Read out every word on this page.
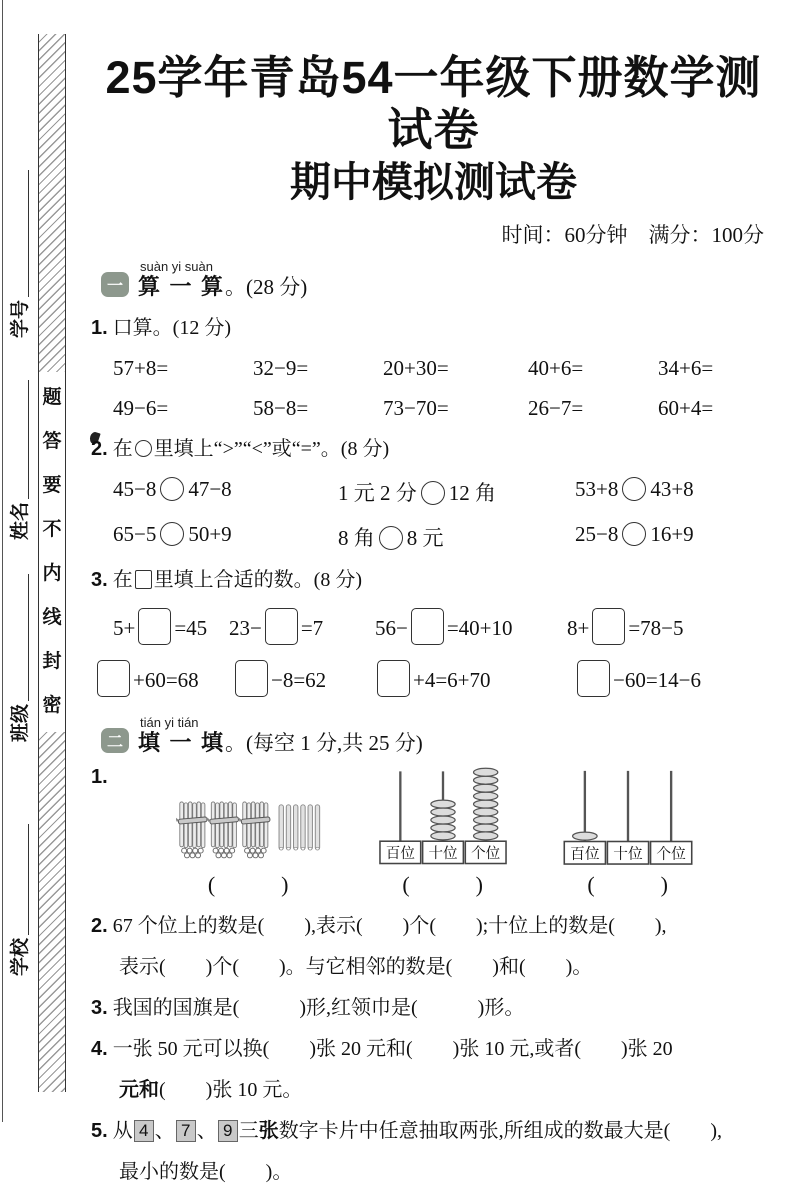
题
答
要
不
内
线
封
密
学号
姓名
班级
学校
25学年青岛54一年级下册数学测试卷
期中模拟测试卷
时间：60分钟　满分：100分
一
suàn yi suàn
算 一 算。(28 分)
1. 口算。(12 分)
57+8=	32−9=	20+30=	40+6=	34+6=
49−6=	58−8=	73−70=	26−7=	60+4=
2. 在 里填上“>”“<”或“=”。(8 分)
45−8 47−8	1 元 2 分 12 角	53+8 43+8
65−5 50+9	8 角 8 元	25−8 16+9
3. 在 里填上合适的数。(8 分)
5+ =45	23− =7	56− =40+10	8+ =78−5
+60=68	−8=62	+4=6+70	−60=14−6
二
tián yi tián
填 一 填。(每空 1 分,共 25 分)
1.
(　　　)
百位 十位 个位
(　　　)
百位 十位 个位
(　　　)
2. 67 个位上的数是(　　),表示(　　)个(　　);十位上的数是(　　),
表示(　　)个(　　)。与它相邻的数是(　　)和(　　)。
3. 我国的国旗是(　　　)形,红领巾是(　　　)形。
4. 一张 50 元可以换(　　)张 20 元和(　　)张 10 元,或者(　　)张 20
元和(　　)张 10 元。
5. 从 4 、 7 、 9 三张数字卡片中任意抽取两张,所组成的数最大是(　　),
最小的数是(　　)。
